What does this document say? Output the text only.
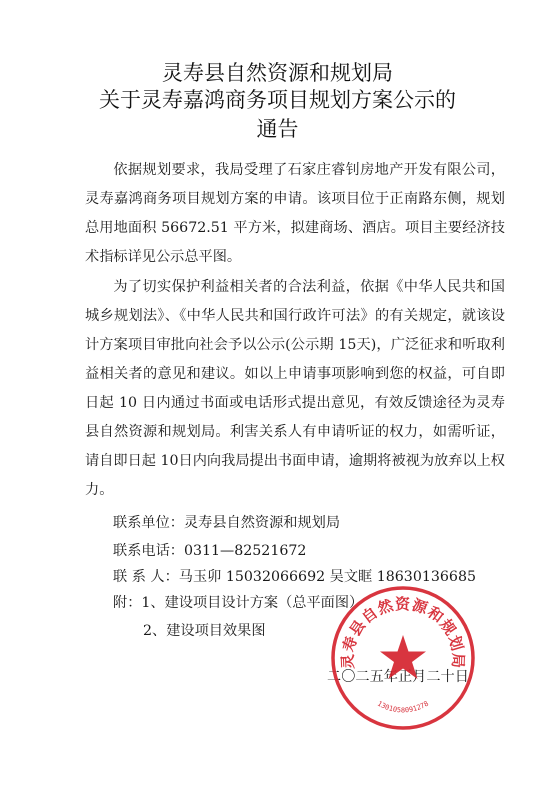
灵寿县自然资源和规划局
关于灵寿嘉鸿商务项目规划方案公示的
通告

依据规划要求，我局受理了石家庄睿钊房地产开发有限公司，灵寿嘉鸿商务项目规划方案的申请。该项目位于正南路东侧，规划总用地面积 56672.51 平方米，拟建商场、酒店。项目主要经济技术指标详见公示总平图。

为了切实保护利益相关者的合法利益，依据《中华人民共和国城乡规划法》、《中华人民共和国行政许可法》的有关规定，就该设计方案项目审批向社会予以公示(公示期 15天)，广泛征求和听取利益相关者的意见和建议。如以上申请事项影响到您的权益，可自即日起 10 日内通过书面或电话形式提出意见，有效反馈途径为灵寿县自然资源和规划局。利害关系人有申请听证的权力，如需听证，请自即日起 10日内向我局提出书面申请，逾期将被视为放弃以上权力。

联系单位：灵寿县自然资源和规划局
联系电话：0311—82521672
联 系 人：马玉卯 15032066692 吴文眶 18630136685
附：1、建设项目设计方案（总平面图）
2、建设项目效果图
二〇二五年正月二十日
灵寿县自然资源和规划局
1301058091278
